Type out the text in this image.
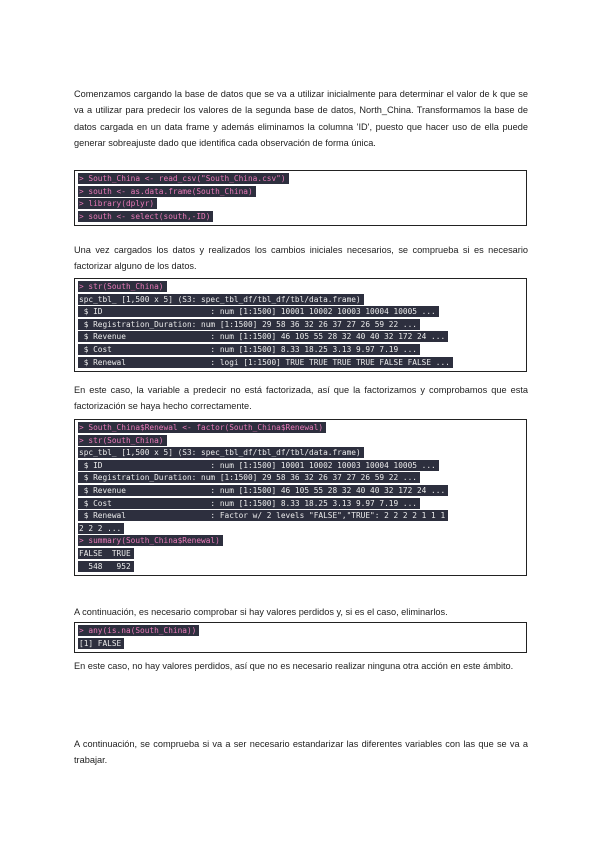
Comenzamos cargando la base de datos que se va a utilizar inicialmente para determinar el valor de k que se va a utilizar para predecir los valores de la segunda base de datos, North_China. Transformamos la base de datos cargada en un data frame y además eliminamos la columna 'ID', puesto que hacer uso de ella puede generar sobreajuste dado que identifica cada observación de forma única.

> South_China <- read_csv("South_China.csv")
> south <- as.data.frame(South_China)
> library(dplyr)
> south <- select(south,-ID)

Una vez cargados los datos y realizados los cambios iniciales necesarios, se comprueba si es necesario factorizar alguno de los datos.

> str(South_China)
spc_tbl_ [1,500 x 5] (S3: spec_tbl_df/tbl_df/tbl/data.frame)
$ ID                       : num [1:1500] 10001 10002 10003 10004 10005 ...
$ Registration_Duration: num [1:1500] 29 58 36 32 26 37 27 26 59 22 ...
$ Revenue                  : num [1:1500] 46 105 55 28 32 40 40 32 172 24 ...
$ Cost                     : num [1:1500] 8.33 18.25 3.13 9.97 7.19 ...
$ Renewal                  : logi [1:1500] TRUE TRUE TRUE TRUE FALSE FALSE ...

En este caso, la variable a predecir no está factorizada, así que la factorizamos y comprobamos que esta factorización se haya hecho correctamente.

> South_China$Renewal <- factor(South_China$Renewal)
> str(South_China)
spc_tbl_ [1,500 x 5] (S3: spec_tbl_df/tbl_df/tbl/data.frame)
$ ID                       : num [1:1500] 10001 10002 10003 10004 10005 ...
$ Registration_Duration: num [1:1500] 29 58 36 32 26 37 27 26 59 22 ...
$ Revenue                  : num [1:1500] 46 105 55 28 32 40 40 32 172 24 ...
$ Cost                     : num [1:1500] 8.33 18.25 3.13 9.97 7.19 ...
$ Renewal                  : Factor w/ 2 levels "FALSE","TRUE": 2 2 2 2 1 1 1
2 2 2 ...
> summary(South_China$Renewal)
FALSE  TRUE
548   952

A continuación, es necesario comprobar si hay valores perdidos y, si es el caso, eliminarlos.

> any(is.na(South_China))
[1] FALSE

En este caso, no hay valores perdidos, así que no es necesario realizar ninguna otra acción en este ámbito.

A continuación, se comprueba si va a ser necesario estandarizar las diferentes variables con las que se va a trabajar.
